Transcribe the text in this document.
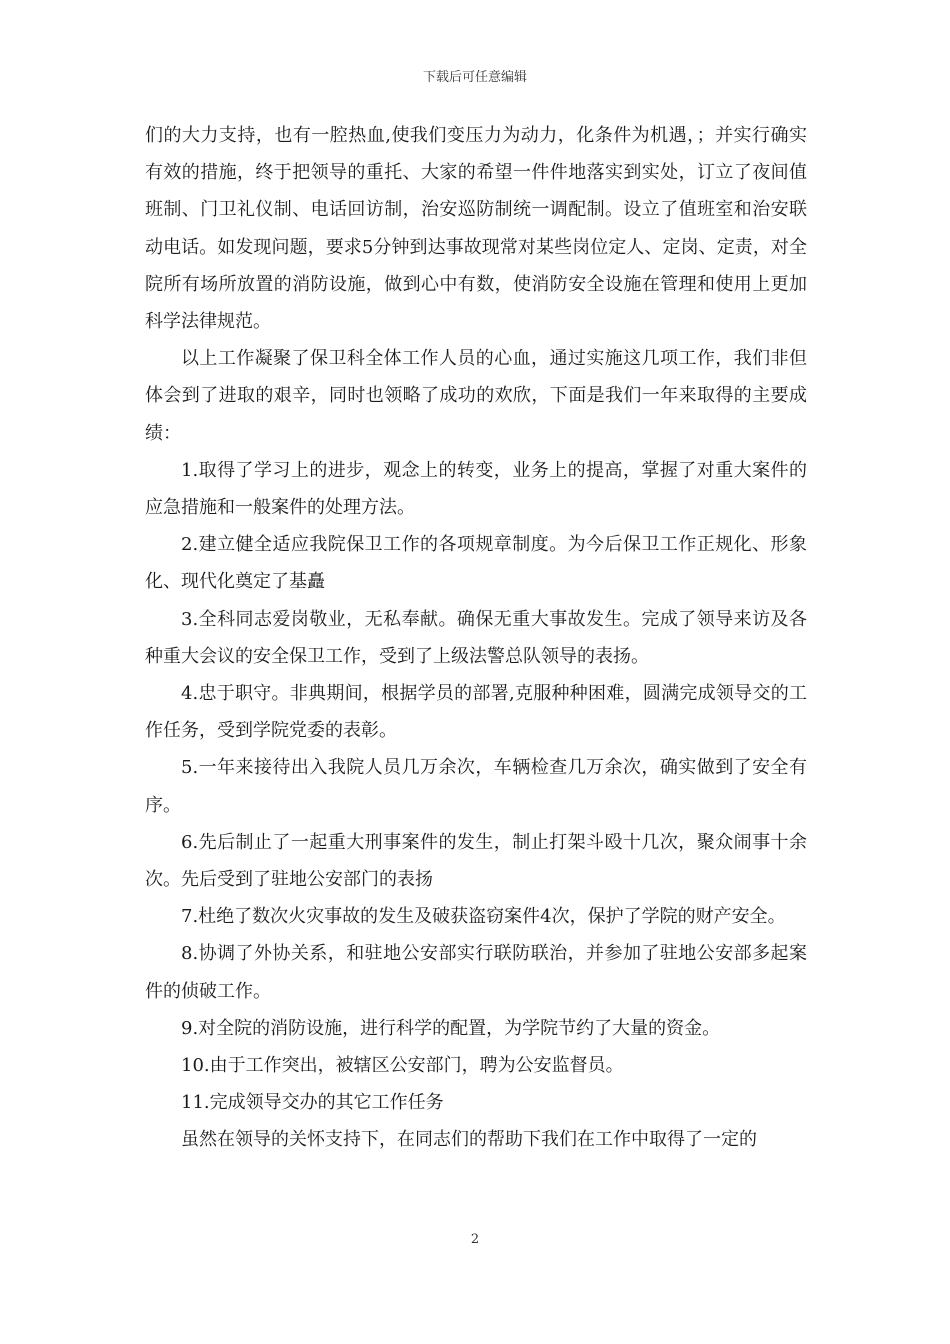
下载后可任意编辑

们的大力支持，也有一腔热血,使我们变压力为动力，化条件为机遇，；并实行确实有效的措施，终于把领导的重托、大家的希望一件件地落实到实处，订立了夜间值班制、门卫礼仪制、电话回访制，治安巡防制统一调配制。设立了值班室和治安联动电话。如发现问题，要求5分钟到达事故现常对某些岗位定人、定岗、定责，对全院所有场所放置的消防设施，做到心中有数，使消防安全设施在管理和使用上更加科学法律规范。

以上工作凝聚了保卫科全体工作人员的心血，通过实施这几项工作，我们非但体会到了进取的艰辛，同时也领略了成功的欢欣，下面是我们一年来取得的主要成绩：

1.取得了学习上的进步，观念上的转变，业务上的提高，掌握了对重大案件的应急措施和一般案件的处理方法。

2.建立健全适应我院保卫工作的各项规章制度。为今后保卫工作正规化、形象化、现代化奠定了基矗

3.全科同志爱岗敬业，无私奉献。确保无重大事故发生。完成了领导来访及各种重大会议的安全保卫工作，受到了上级法警总队领导的表扬。

4.忠于职守。非典期间，根据学员的部署,克服种种困难，圆满完成领导交的工作任务，受到学院党委的表彰。

5.一年来接待出入我院人员几万余次，车辆检查几万余次，确实做到了安全有序。

6.先后制止了一起重大刑事案件的发生，制止打架斗殴十几次，聚众闹事十余次。先后受到了驻地公安部门的表扬

7.杜绝了数次火灾事故的发生及破获盗窃案件4次，保护了学院的财产安全。

8.协调了外协关系，和驻地公安部实行联防联治，并参加了驻地公安部多起案件的侦破工作。

9.对全院的消防设施，进行科学的配置，为学院节约了大量的资金。

10.由于工作突出，被辖区公安部门，聘为公安监督员。

11.完成领导交办的其它工作任务

虽然在领导的关怀支持下，在同志们的帮助下我们在工作中取得了一定的

2
